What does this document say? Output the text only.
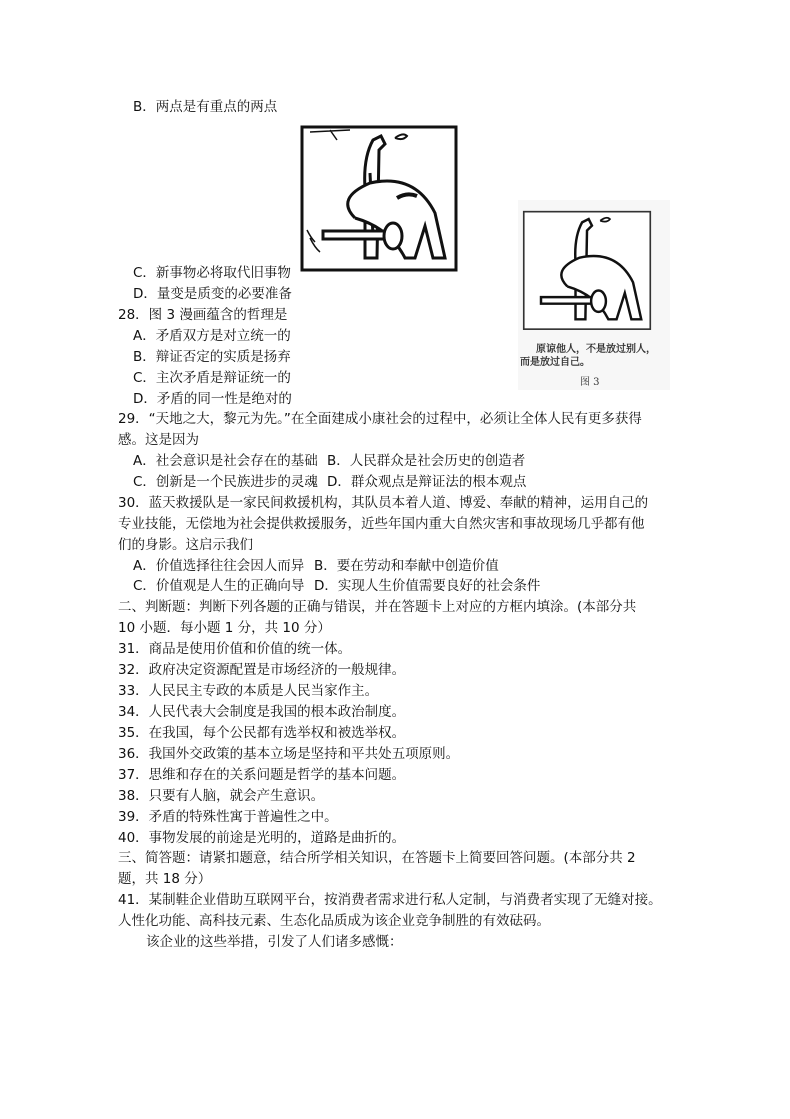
B．两点是有重点的两点
C．新事物必将取代旧事物
D．量变是质变的必要准备
原谅他人，不是放过别人，
而是放过自己。
图 3
28．图 3 漫画蕴含的哲理是
A．矛盾双方是对立统一的
B．辩证否定的实质是扬弃
C．主次矛盾是辩证统一的
D．矛盾的同一性是绝对的
29．“天地之大，黎元为先。”在全面建成小康社会的过程中，必须让全体人民有更多获得
感。这是因为
A．社会意识是社会存在的基础 B．人民群众是社会历史的创造者
C．创新是一个民族进步的灵魂 D．群众观点是辩证法的根本观点
30．蓝天救援队是一家民间救援机构，其队员本着人道、博爱、奉献的精神，运用自己的
专业技能，无偿地为社会提供救援服务，近些年国内重大自然灾害和事故现场几乎都有他
们的身影。这启示我们
A．价值选择往往会因人而异 B．要在劳动和奉献中创造价值
C．价值观是人生的正确向导 D．实现人生价值需要良好的社会条件
二、判断题：判断下列各题的正确与错误，并在答题卡上对应的方框内填涂。(本部分共
10 小题．每小题 1 分，共 10 分）
31．商品是使用价值和价值的统一体。
32．政府决定资源配置是市场经济的一般规律。
33．人民民主专政的本质是人民当家作主。
34．人民代表大会制度是我国的根本政治制度。
35．在我国，每个公民都有选举权和被选举权。
36．我国外交政策的基本立场是坚持和平共处五项原则。
37．思维和存在的关系问题是哲学的基本问题。
38．只要有人脑，就会产生意识。
39．矛盾的特殊性寓于普遍性之中。
40．事物发展的前途是光明的，道路是曲折的。
三、简答题：请紧扣题意，结合所学相关知识，在答题卡上简要回答问题。(本部分共 2
题，共 18 分）
41．某制鞋企业借助互联网平台，按消费者需求进行私人定制，与消费者实现了无缝对接。
人性化功能、高科技元素、生态化品质成为该企业竞争制胜的有效砝码。
该企业的这些举措，引发了人们诸多感慨：
